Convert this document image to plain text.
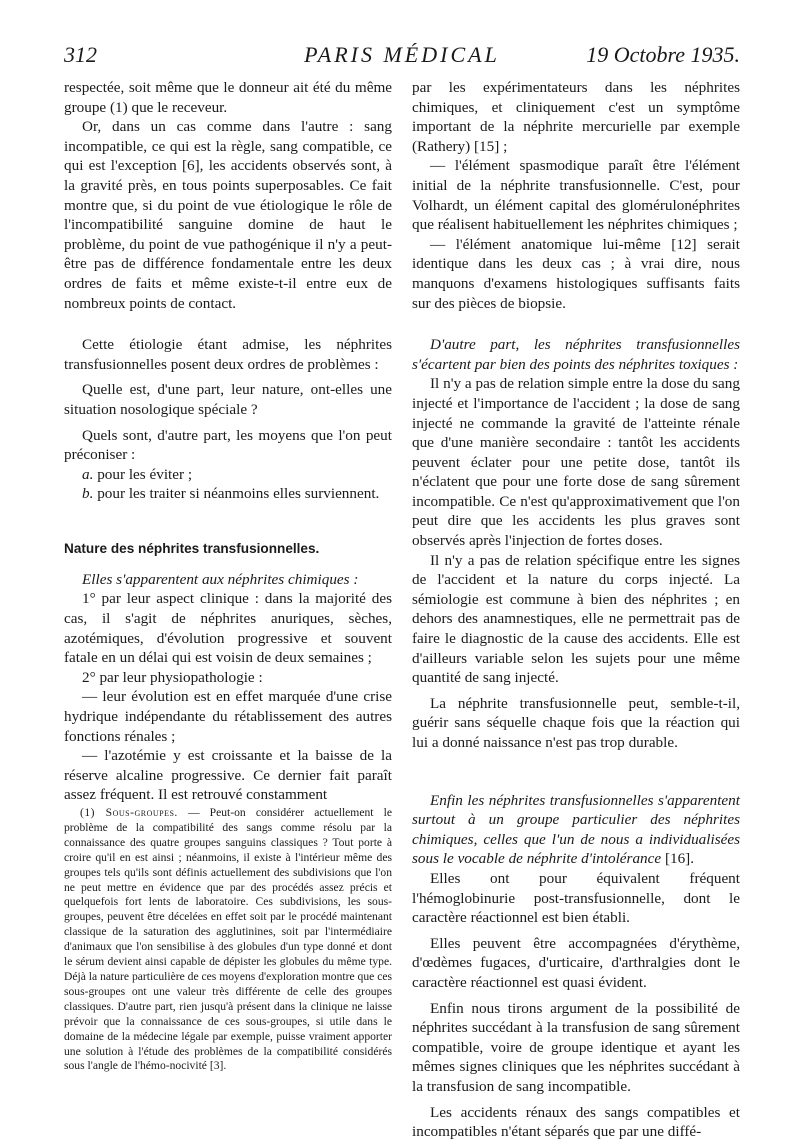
312	PARIS MÉDICAL	19 Octobre 1935.

respectée, soit même que le donneur ait été du même groupe (1) que le receveur.

Or, dans un cas comme dans l'autre : sang incompatible, ce qui est la règle, sang compatible, ce qui est l'exception [6], les accidents observés sont, à la gravité près, en tous points superposables. Ce fait montre que, si du point de vue étiologique le rôle de l'incompatibilité sanguine domine de haut le problème, du point de vue pathogénique il n'y a peut-être pas de différence fondamentale entre les deux ordres de faits et même existe-t-il entre eux de nombreux points de contact.

Cette étiologie étant admise, les néphrites transfusionnelles posent deux ordres de problèmes :

Quelle est, d'une part, leur nature, ont-elles une situation nosologique spéciale ?

Quels sont, d'autre part, les moyens que l'on peut préconiser :

a. pour les éviter ;

b. pour les traiter si néanmoins elles surviennent.

Nature des néphrites transfusionnelles.

Elles s'apparentent aux néphrites chimiques :

1° par leur aspect clinique : dans la majorité des cas, il s'agit de néphrites anuriques, sèches, azotémiques, d'évolution progressive et souvent fatale en un délai qui est voisin de deux semaines ;

2° par leur physiopathologie :

— leur évolution est en effet marquée d'une crise hydrique indépendante du rétablissement des autres fonctions rénales ;

— l'azotémie y est croissante et la baisse de la réserve alcaline progressive. Ce dernier fait paraît assez fréquent. Il est retrouvé constamment

(1) Sous-groupes. — Peut-on considérer actuellement le problème de la compatibilité des sangs comme résolu par la connaissance des quatre groupes sanguins classiques ? Tout porte à croire qu'il en est ainsi ; néanmoins, il existe à l'intérieur même des groupes tels qu'ils sont définis actuellement des subdivisions que l'on ne peut mettre en évidence que par des procédés assez précis et quelquefois fort lents de laboratoire. Ces subdivisions, les sous-groupes, peuvent être décelées en effet soit par le procédé maintenant classique de la saturation des agglutinines, soit par l'intermédiaire d'animaux que l'on sensibilise à des globules d'un type donné et dont le sérum devient ainsi capable de dépister les globules du même type. Déjà la nature particulière de ces moyens d'exploration montre que ces sous-groupes ont une valeur très différente de celle des groupes classiques. D'autre part, rien jusqu'à présent dans la clinique ne laisse prévoir que la connaissance de ces sous-groupes, si utile dans le domaine de la médecine légale par exemple, puisse vraiment apporter une solution à l'étude des problèmes de la compatibilité considérés sous l'angle de l'hémo-nocivité [3].

par les expérimentateurs dans les néphrites chimiques, et cliniquement c'est un symptôme important de la néphrite mercurielle par exemple (Rathery) [15] ;

— l'élément spasmodique paraît être l'élément initial de la néphrite transfusionnelle. C'est, pour Volhardt, un élément capital des glomérulonéphrites que réalisent habituellement les néphrites chimiques ;

— l'élément anatomique lui-même [12] serait identique dans les deux cas ; à vrai dire, nous manquons d'examens histologiques suffisants faits sur des pièces de biopsie.

D'autre part, les néphrites transfusionnelles s'écartent par bien des points des néphrites toxiques :

Il n'y a pas de relation simple entre la dose du sang injecté et l'importance de l'accident ; la dose de sang injecté ne commande la gravité de l'atteinte rénale que d'une manière secondaire : tantôt les accidents peuvent éclater pour une petite dose, tantôt ils n'éclatent que pour une forte dose de sang sûrement incompatible. Ce n'est qu'approximativement que l'on peut dire que les accidents les plus graves sont observés après l'injection de fortes doses.

Il n'y a pas de relation spécifique entre les signes de l'accident et la nature du corps injecté. La sémiologie est commune à bien des néphrites ; en dehors des anamnestiques, elle ne permettrait pas de faire le diagnostic de la cause des accidents. Elle est d'ailleurs variable selon les sujets pour une même quantité de sang injecté.

La néphrite transfusionnelle peut, semble-t-il, guérir sans séquelle chaque fois que la réaction qui lui a donné naissance n'est pas trop durable.

Enfin les néphrites transfusionnelles s'apparentent surtout à un groupe particulier des néphrites chimiques, celles que l'un de nous a individualisées sous le vocable de néphrite d'intolérance [16].

Elles ont pour équivalent fréquent l'hémoglobinurie post-transfusionnelle, dont le caractère réactionnel est bien établi.

Elles peuvent être accompagnées d'érythème, d'œdèmes fugaces, d'urticaire, d'arthralgies dont le caractère réactionnel est quasi évident.

Enfin nous tirons argument de la possibilité de néphrites succédant à la transfusion de sang sûrement compatible, voire de groupe identique et ayant les mêmes signes cliniques que les néphrites succédant à la transfusion de sang incompatible.

Les accidents rénaux des sangs compatibles et incompatibles n'étant séparés que par une diffé-
